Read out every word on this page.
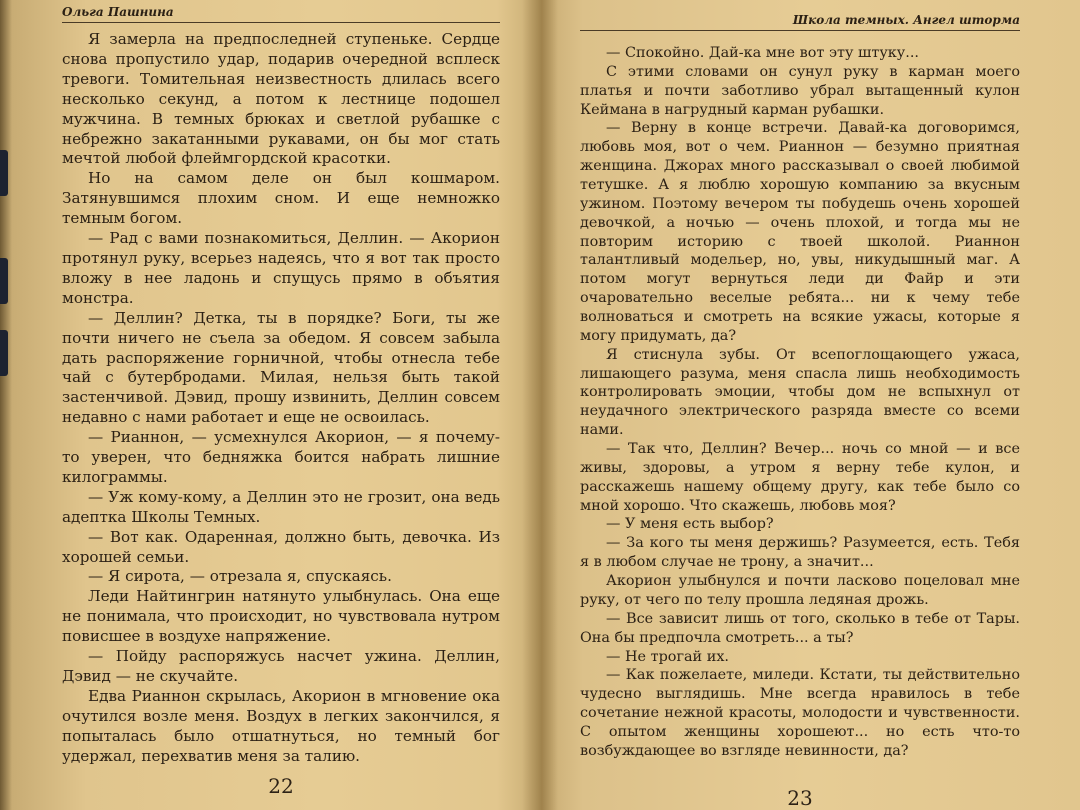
Ольга Пашнина

Я замерла на предпоследней ступеньке. Сердце снова пропустило удар, подарив очередной всплеск тревоги. Томительная неизвестность длилась всего несколько секунд, а потом к лестнице подошел мужчина. В темных брюках и светлой рубашке с небрежно закатанными рукавами, он бы мог стать мечтой любой флеймгордской красотки.

Но на самом деле он был кошмаром. Затянувшимся плохим сном. И еще немножко темным богом.

— Рад с вами познакомиться, Деллин. — Акорион протянул руку, всерьез надеясь, что я вот так просто вложу в нее ладонь и спущусь прямо в объятия монстра.

— Деллин? Детка, ты в порядке? Боги, ты же почти ничего не съела за обедом. Я совсем забыла дать распоряжение горничной, чтобы отнесла тебе чай с бутербродами. Милая, нельзя быть такой застенчивой. Дэвид, прошу извинить, Деллин совсем недавно с нами работает и еще не освоилась.

— Рианнон, — усмехнулся Акорион, — я почему-то уверен, что бедняжка боится набрать лишние килограммы.

— Уж кому-кому, а Деллин это не грозит, она ведь адептка Школы Темных.

— Вот как. Одаренная, должно быть, девочка. Из хорошей семьи.

— Я сирота, — отрезала я, спускаясь.

Леди Найтингрин натянуто улыбнулась. Она еще не понимала, что происходит, но чувствовала нутром повисшее в воздухе напряжение.

— Пойду распоряжусь насчет ужина. Деллин, Дэвид — не скучайте.

Едва Рианнон скрылась, Акорион в мгновение ока очутился возле меня. Воздух в легких закончился, я попыталась было отшатнуться, но темный бог удержал, перехватив меня за талию.

22
Школа темных. Ангел шторма

— Спокойно. Дай-ка мне вот эту штуку...

С этими словами он сунул руку в карман моего платья и почти заботливо убрал вытащенный кулон Кеймана в нагрудный карман рубашки.

— Верну в конце встречи. Давай-ка договоримся, любовь моя, вот о чем. Рианнон — безумно приятная женщина. Джорах много рассказывал о своей любимой тетушке. А я люблю хорошую компанию за вкусным ужином. Поэтому вечером ты побудешь очень хорошей девочкой, а ночью — очень плохой, и тогда мы не повторим историю с твоей школой. Рианнон талантливый модельер, но, увы, никудышный маг. А потом могут вернуться леди ди Файр и эти очаровательно веселые ребята... ни к чему тебе волноваться и смотреть на всякие ужасы, которые я могу придумать, да?

Я стиснула зубы. От всепоглощающего ужаса, лишающего разума, меня спасла лишь необходимость контролировать эмоции, чтобы дом не вспыхнул от неудачного электрического разряда вместе со всеми нами.

— Так что, Деллин? Вечер... ночь со мной — и все живы, здоровы, а утром я верну тебе кулон, и расскажешь нашему общему другу, как тебе было со мной хорошо. Что скажешь, любовь моя?

— У меня есть выбор?

— За кого ты меня держишь? Разумеется, есть. Тебя я в любом случае не трону, а значит...

Акорион улыбнулся и почти ласково поцеловал мне руку, от чего по телу прошла ледяная дрожь.

— Все зависит лишь от того, сколько в тебе от Тары. Она бы предпочла смотреть... а ты?

— Не трогай их.

— Как пожелаете, миледи. Кстати, ты действительно чудесно выглядишь. Мне всегда нравилось в тебе сочетание нежной красоты, молодости и чувственности. С опытом женщины хорошеют... но есть что-то возбуждающее во взгляде невинности, да?

23
